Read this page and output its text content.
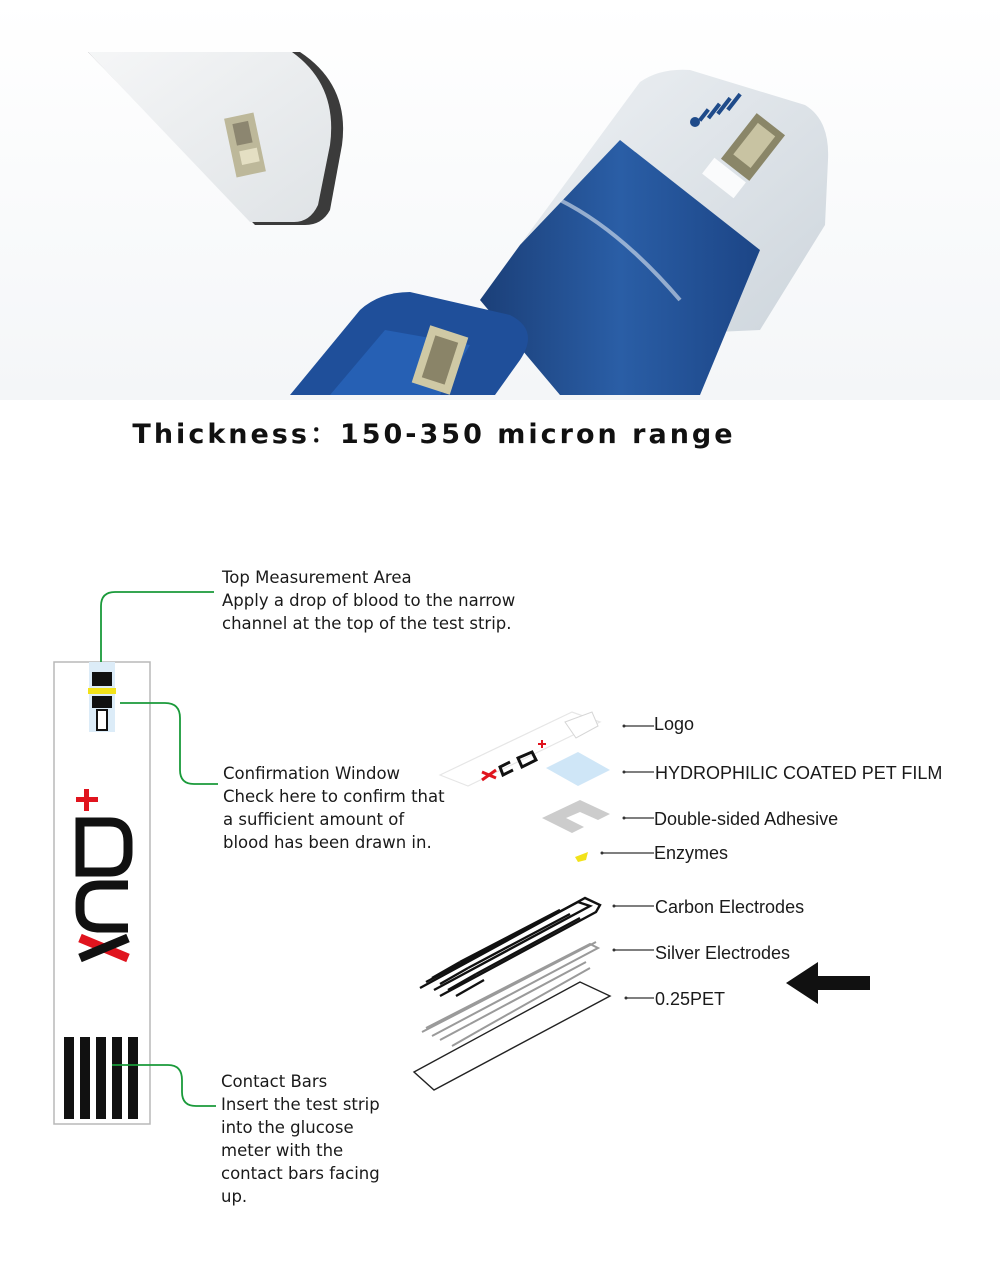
Thickness：150-350 micron range
Top Measurement Area
Apply a drop of blood to the narrow
channel at the top of the test strip.
Confirmation Window
Check here to confirm that
a sufficient amount of
blood has been drawn in.
Contact Bars
Insert the test strip
into the glucose
meter with the
contact bars facing
up.
Logo
HYDROPHILIC COATED PET FILM
Double-sided Adhesive
Enzymes
Carbon Electrodes
Silver Electrodes
0.25PET
